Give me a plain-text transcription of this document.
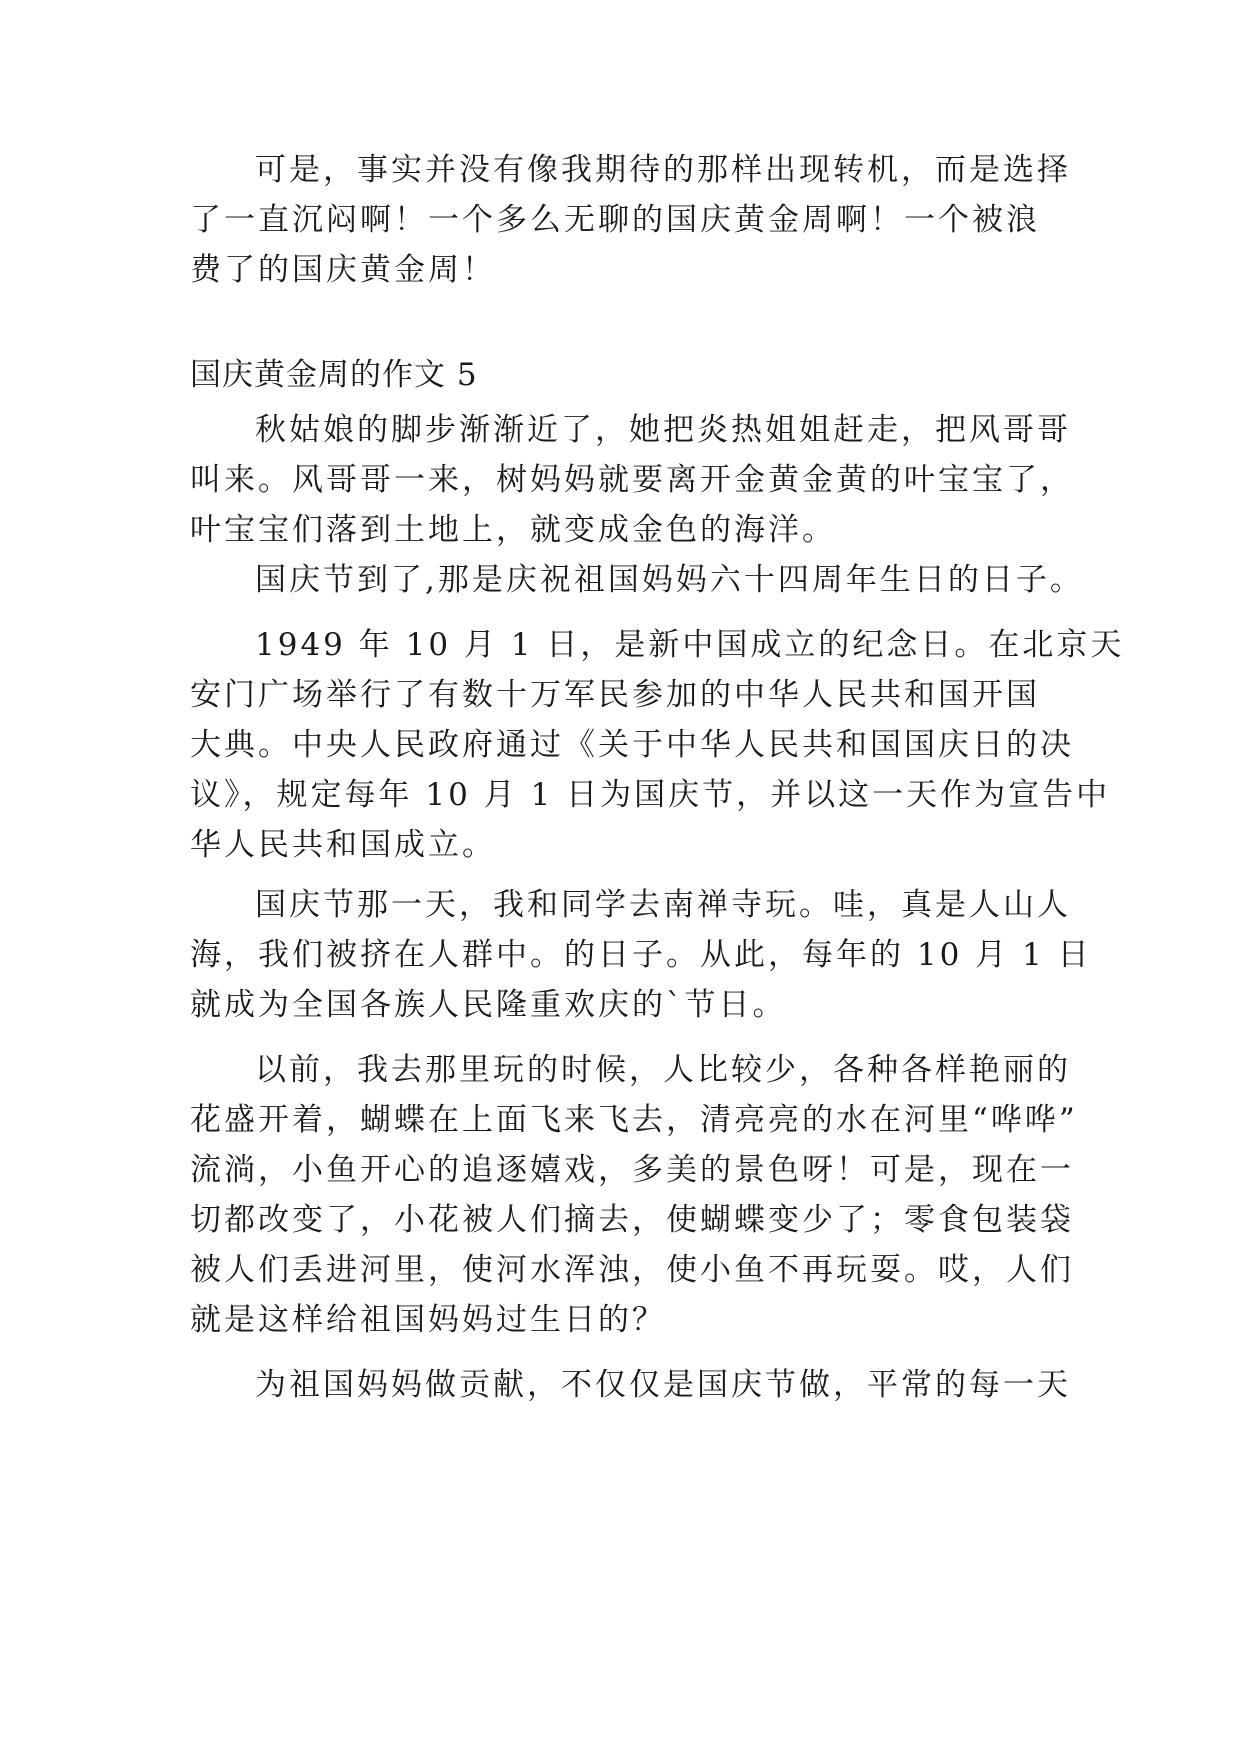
可是，事实并没有像我期待的那样出现转机，而是选择
了一直沉闷啊！一个多么无聊的国庆黄金周啊！一个被浪
费了的国庆黄金周！
国庆黄金周的作文 5
秋姑娘的脚步渐渐近了，她把炎热姐姐赶走，把风哥哥
叫来。风哥哥一来，树妈妈就要离开金黄金黄的叶宝宝了，
叶宝宝们落到土地上，就变成金色的海洋。
国庆节到了,那是庆祝祖国妈妈六十四周年生日的日子。
1949 年 10 月 1 日，是新中国成立的纪念日。在北京天
安门广场举行了有数十万军民参加的中华人民共和国开国
大典。中央人民政府通过《关于中华人民共和国国庆日的决
议》，规定每年 10 月 1 日为国庆节，并以这一天作为宣告中
华人民共和国成立。
国庆节那一天，我和同学去南禅寺玩。哇，真是人山人
海，我们被挤在人群中。的日子。从此，每年的 10 月 1 日
就成为全国各族人民隆重欢庆的`节日。
以前，我去那里玩的时候，人比较少，各种各样艳丽的
花盛开着，蝴蝶在上面飞来飞去，清亮亮的水在河里“哗哗”
流淌，小鱼开心的追逐嬉戏，多美的景色呀！可是，现在一
切都改变了，小花被人们摘去，使蝴蝶变少了；零食包装袋
被人们丢进河里，使河水浑浊，使小鱼不再玩耍。哎，人们
就是这样给祖国妈妈过生日的？
为祖国妈妈做贡献，不仅仅是国庆节做，平常的每一天
